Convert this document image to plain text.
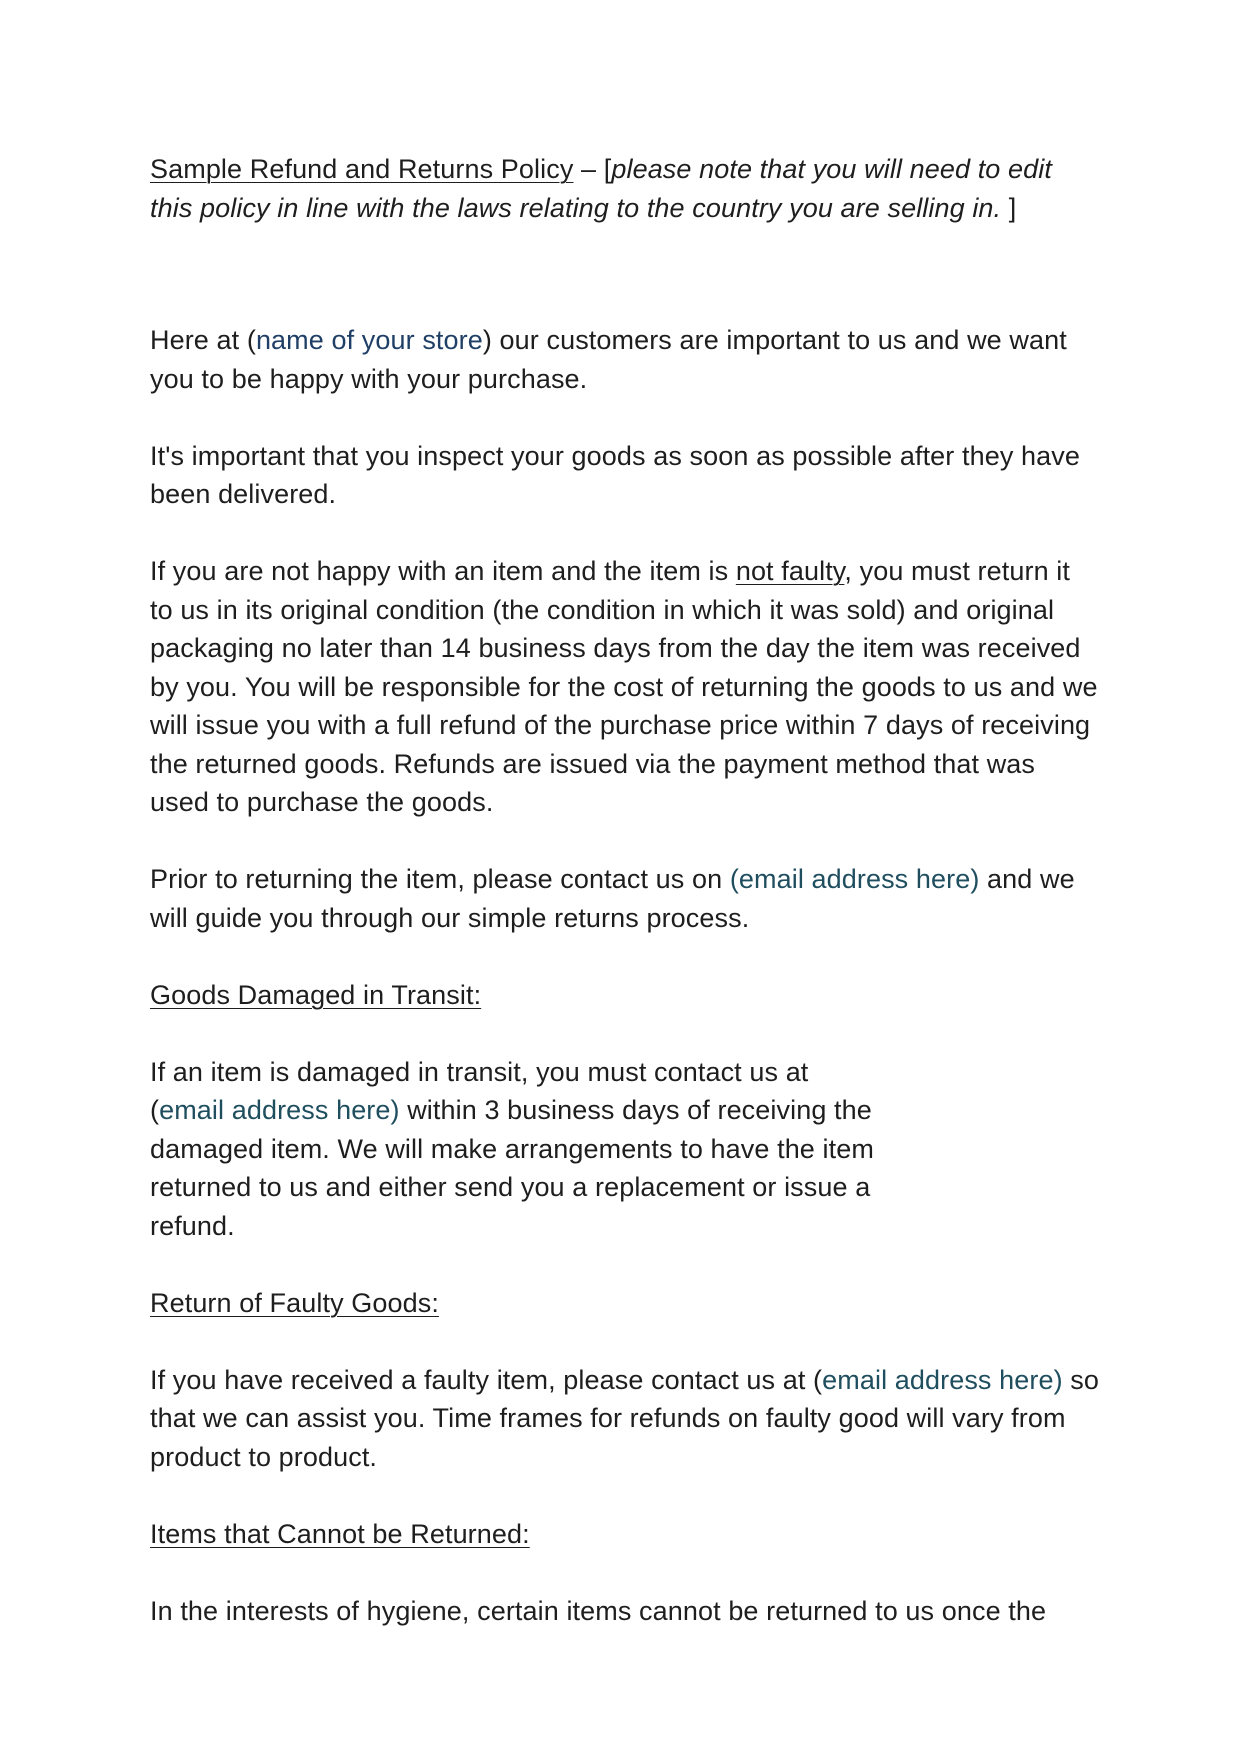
Sample Refund and Returns Policy – [please note that you will need to edit this policy in line with the laws relating to the country you are selling in. ]

Here at (name of your store) our customers are important to us and we want you to be happy with your purchase.

It's important that you inspect your goods as soon as possible after they have been delivered.

If you are not happy with an item and the item is not faulty, you must return it to us in its original condition (the condition in which it was sold) and original packaging no later than 14 business days from the day the item was received by you. You will be responsible for the cost of returning the goods to us and we will issue you with a full refund of the purchase price within 7 days of receiving the returned goods. Refunds are issued via the payment method that was used to purchase the goods.

Prior to returning the item, please contact us on (email address here) and we will guide you through our simple returns process.

Goods Damaged in Transit:

If an item is damaged in transit, you must contact us at (email address here) within 3 business days of receiving the damaged item. We will make arrangements to have the item returned to us and either send you a replacement or issue a refund.

Return of Faulty Goods:

If you have received a faulty item, please contact us at (email address here) so that we can assist you. Time frames for refunds on faulty good will vary from product to product.

Items that Cannot be Returned:

In the interests of hygiene, certain items cannot be returned to us once the
